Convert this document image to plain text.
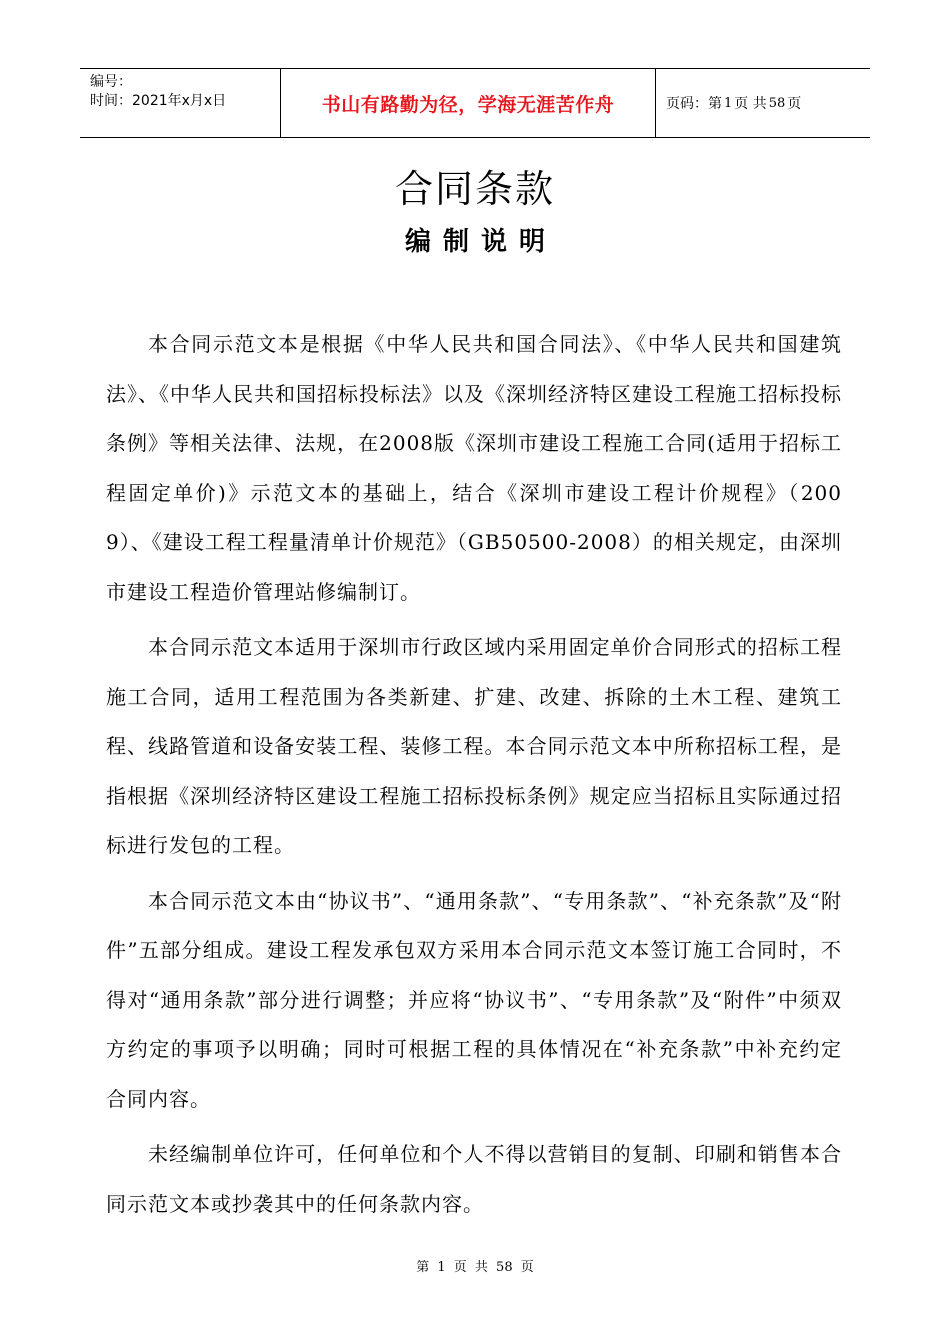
编号：
时间：2021年x月x日	书山有路勤为径，学海无涯苦作舟	页码：第 1 页 共 58 页
合同条款
编制说明

本合同示范文本是根据《中华人民共和国合同法》、《中华人民共和国建筑法》、《中华人民共和国招标投标法》以及《深圳经济特区建设工程施工招标投标条例》等相关法律、法规，在2008版《深圳市建设工程施工合同(适用于招标工程固定单价)》示范文本的基础上，结合《深圳市建设工程计价规程》（2009）、《建设工程工程量清单计价规范》（GB50500-2008）的相关规定，由深圳市建设工程造价管理站修编制订。

本合同示范文本适用于深圳市行政区域内采用固定单价合同形式的招标工程施工合同，适用工程范围为各类新建、扩建、改建、拆除的土木工程、建筑工程、线路管道和设备安装工程、装修工程。本合同示范文本中所称招标工程，是指根据《深圳经济特区建设工程施工招标投标条例》规定应当招标且实际通过招标进行发包的工程。

本合同示范文本由“协议书”、“通用条款”、“专用条款”、“补充条款”及“附件”五部分组成。建设工程发承包双方采用本合同示范文本签订施工合同时，不得对“通用条款”部分进行调整；并应将“协议书”、“专用条款”及“附件”中须双方约定的事项予以明确；同时可根据工程的具体情况在“补充条款”中补充约定合同内容。

未经编制单位许可，任何单位和个人不得以营销目的复制、印刷和销售本合同示范文本或抄袭其中的任何条款内容。

第 1 页 共 58 页
